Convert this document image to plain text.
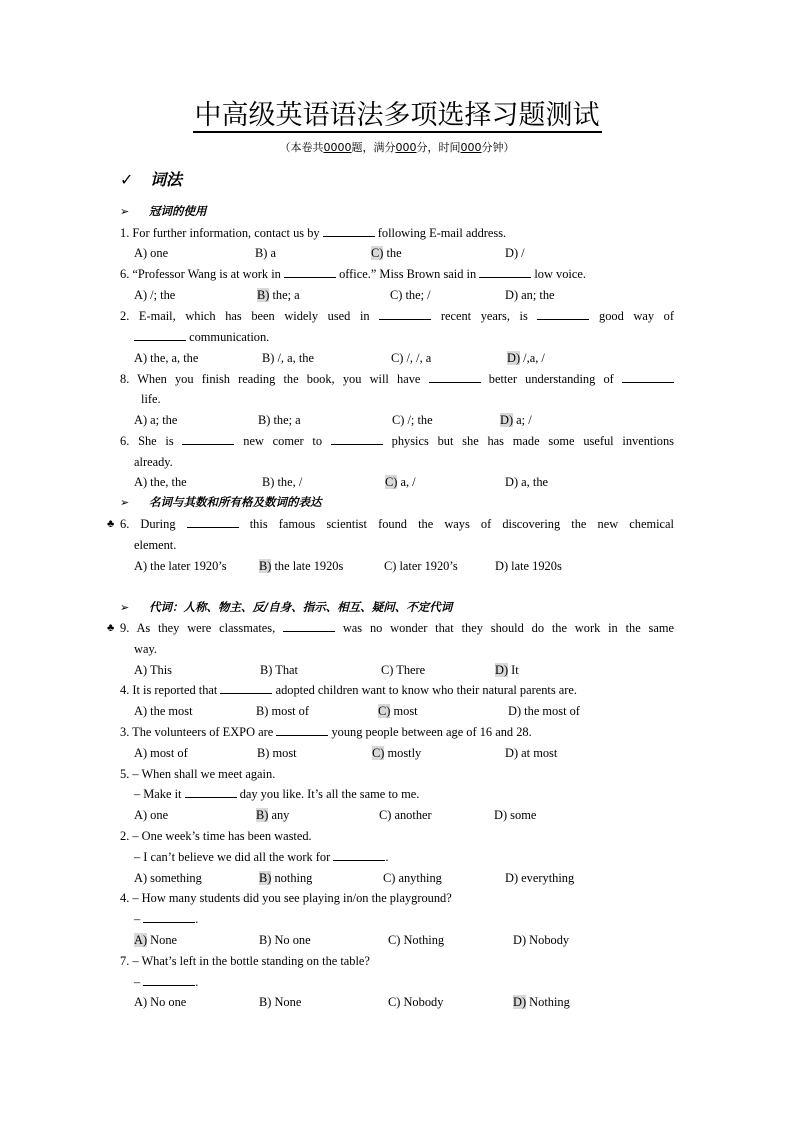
中高级英语语法多项选择习题测试
（本卷共0000题，满分000分，时间000分钟）
✓ 词法
➢ 冠词的使用
1. For further information, contact us by	following E-mail address.
A) one	B) a	C) the	D) /
6. “Professor Wang is at work in	office.” Miss Brown said in	low voice.
A) /; the	B) the; a	C) the; /	D) an; the
2. E-mail, which has been widely used in	recent years, is	good way of
communication.
A) the, a, the	B) /, a, the	C) /, /, a	D) /,a, /
8. When you finish reading the book, you will have	better understanding of
life.
A) a; the	B) the; a	C) /; the	D) a; /
6. She is	new comer to	physics but she has made some useful inventions
already.
A) the, the	B) the, /	C) a, /	D) a, the
➢ 名词与其数和所有格及数词的表达
♣ 6. During	this famous scientist found the ways of discovering the new chemical
element.
A) the later 1920’s	B) the late 1920s	C) later 1920’s	D) late 1920s
➢ 代词：人称、物主、反/自身、指示、相互、疑问、不定代词
♣ 9. As they were classmates,	was no wonder that they should do the work in the same
way.
A) This	B) That	C) There	D) It
4. It is reported that	adopted children want to know who their natural parents are.
A) the most	B) most of	C) most	D) the most of
3. The volunteers of EXPO are	young people between age of 16 and 28.
A) most of	B) most	C) mostly	D) at most
5. – When shall we meet again.
– Make it	day you like. It’s all the same to me.
A) one	B) any	C) another	D) some
2. – One week’s time has been wasted.
– I can’t believe we did all the work for	.
A) something	B) nothing	C) anything	D) everything
4. – How many students did you see playing in/on the playground?
–	.
A) None	B) No one	C) Nothing	D) Nobody
7. – What’s left in the bottle standing on the table?
–	.
A) No one	B) None	C) Nobody	D) Nothing
